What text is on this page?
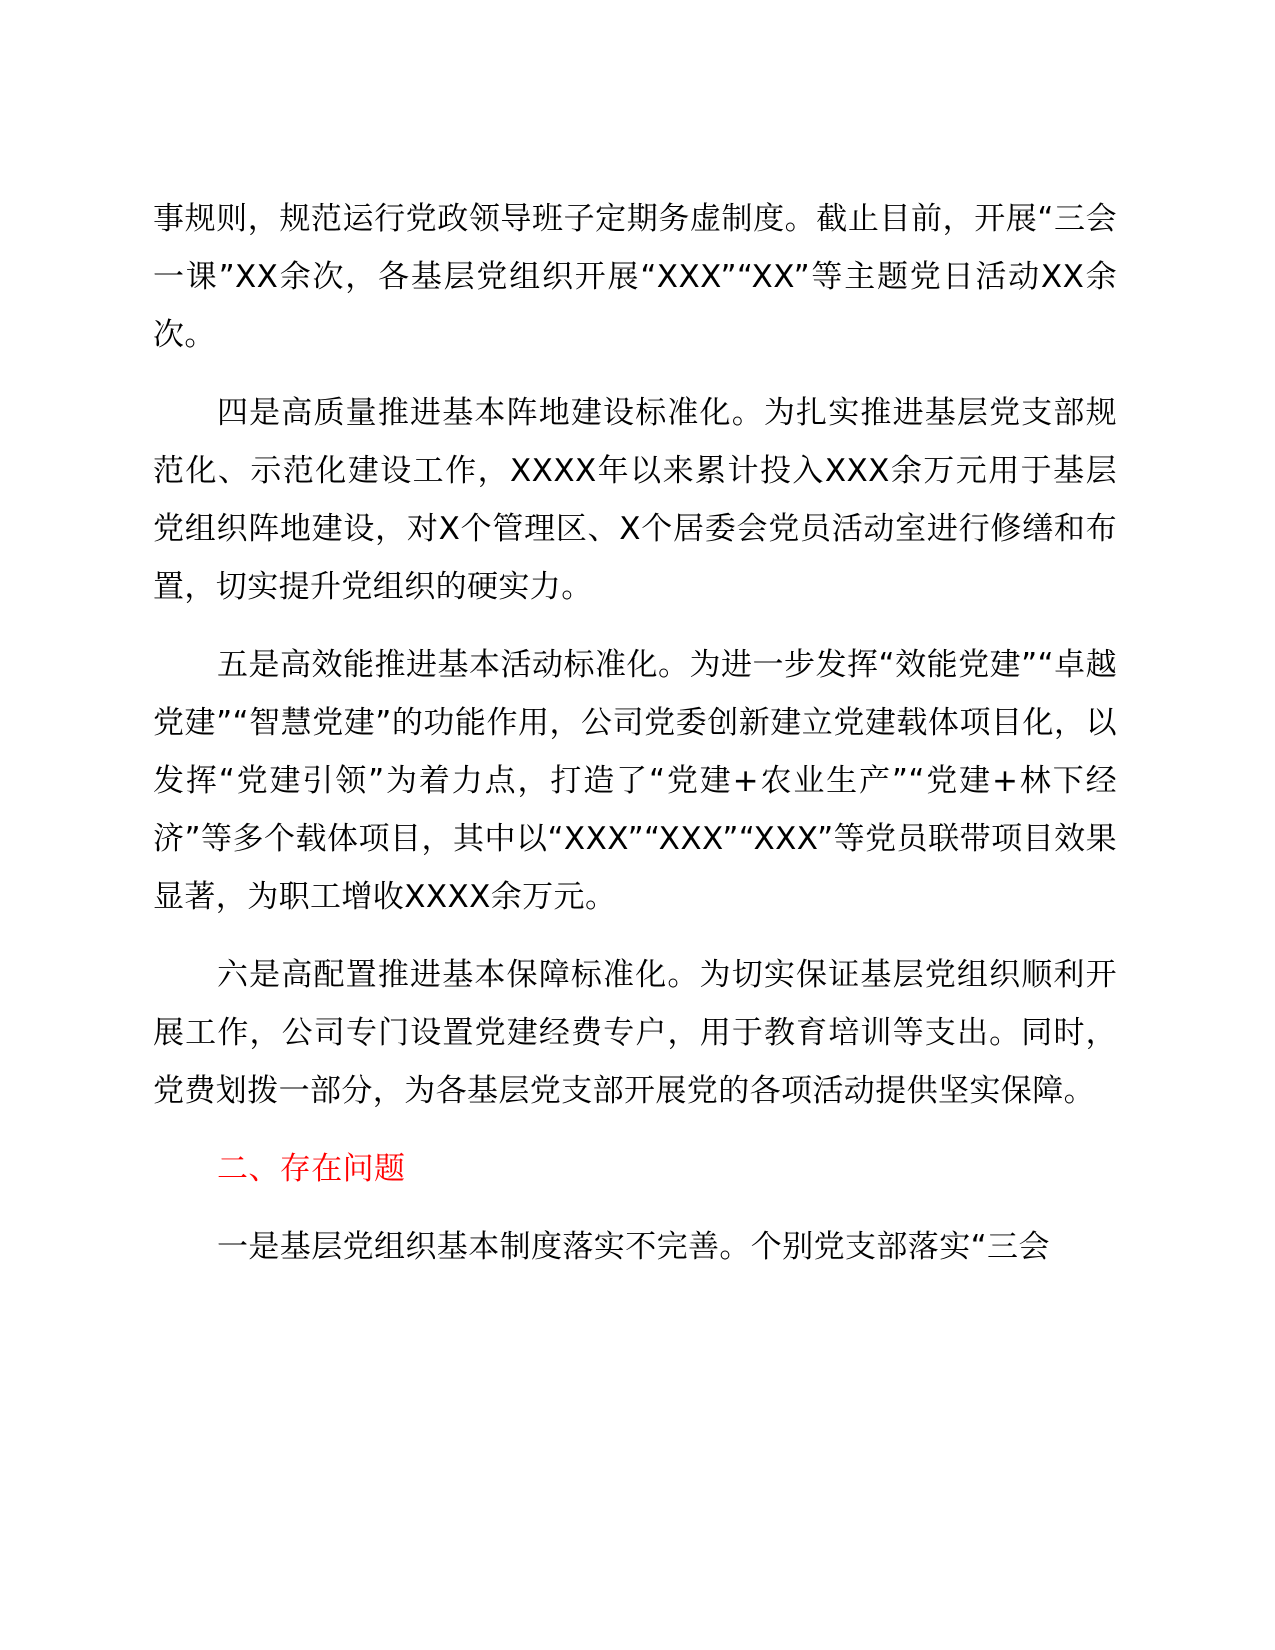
事规则，规范运行党政领导班子定期务虚制度。截止目前，开展“三会一课”XX余次，各基层党组织开展“XXX”“XX”等主题党日活动XX余次。

四是高质量推进基本阵地建设标准化。为扎实推进基层党支部规范化、示范化建设工作，XXXX年以来累计投入XXX余万元用于基层党组织阵地建设，对X个管理区、X个居委会党员活动室进行修缮和布置，切实提升党组织的硬实力。

五是高效能推进基本活动标准化。为进一步发挥“效能党建”“卓越党建”“智慧党建”的功能作用，公司党委创新建立党建载体项目化，以发挥“党建引领”为着力点，打造了“党建+农业生产”“党建+林下经济”等多个载体项目，其中以“XXX”“XXX”“XXX”等党员联带项目效果显著，为职工增收XXXX余万元。

六是高配置推进基本保障标准化。为切实保证基层党组织顺利开展工作，公司专门设置党建经费专户，用于教育培训等支出。同时，党费划拨一部分，为各基层党支部开展党的各项活动提供坚实保障。

二、存在问题

一是基层党组织基本制度落实不完善。个别党支部落实“三会
